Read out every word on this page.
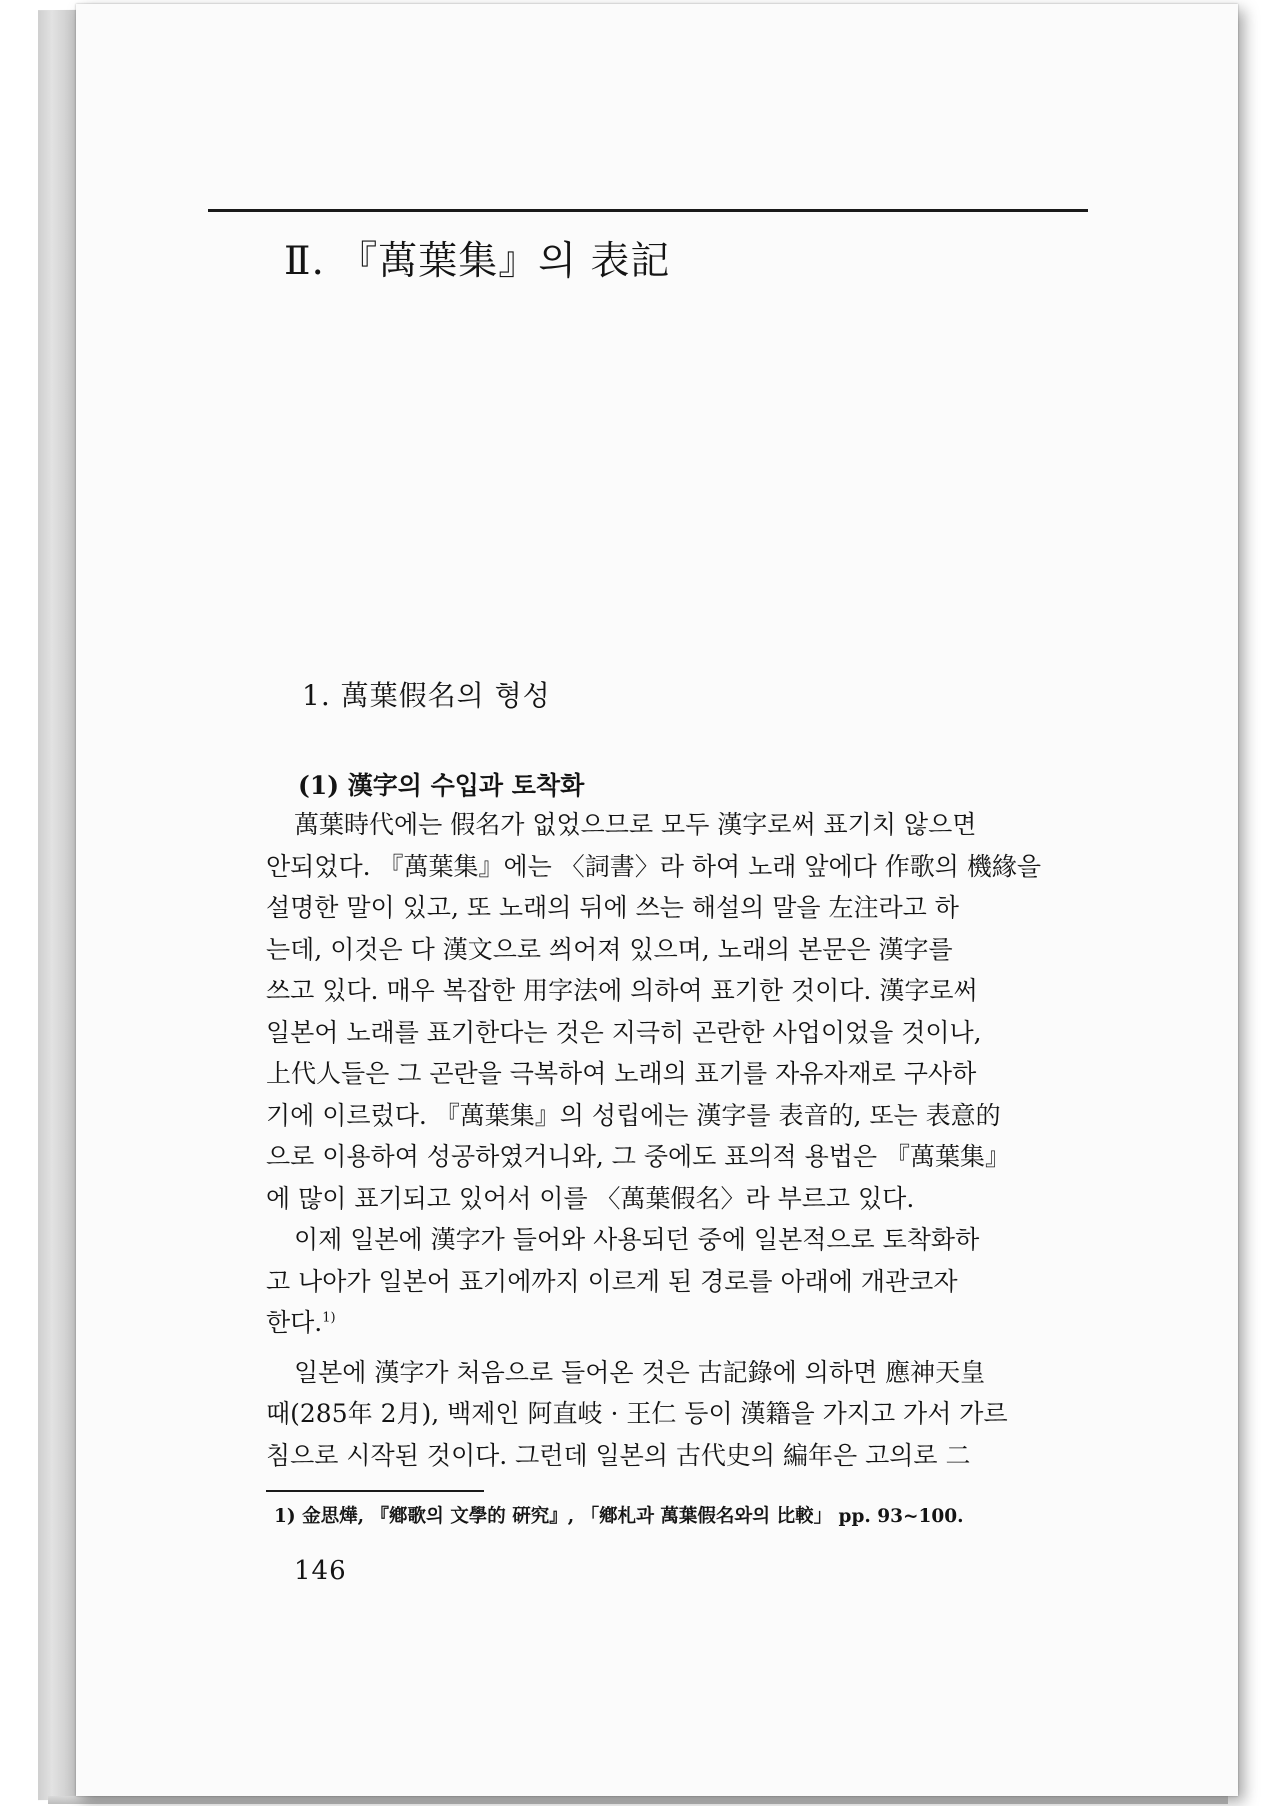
Ⅱ. 『萬葉集』의 表記
1. 萬葉假名의 형성
(1) 漢字의 수입과 토착화
萬葉時代에는 假名가 없었으므로 모두 漢字로써 표기치 않으면
안되었다. 『萬葉集』에는 〈詞書〉라 하여 노래 앞에다 作歌의 機緣을
설명한 말이 있고, 또 노래의 뒤에 쓰는 해설의 말을 左注라고 하
는데, 이것은 다 漢文으로 씌어져 있으며, 노래의 본문은 漢字를
쓰고 있다. 매우 복잡한 用字法에 의하여 표기한 것이다. 漢字로써
일본어 노래를 표기한다는 것은 지극히 곤란한 사업이었을 것이나,
上代人들은 그 곤란을 극복하여 노래의 표기를 자유자재로 구사하
기에 이르렀다. 『萬葉集』의 성립에는 漢字를 表音的, 또는 表意的
으로 이용하여 성공하였거니와, 그 중에도 표의적 용법은 『萬葉集』
에 많이 표기되고 있어서 이를 〈萬葉假名〉라 부르고 있다.
이제 일본에 漢字가 들어와 사용되던 중에 일본적으로 토착화하
고 나아가 일본어 표기에까지 이르게 된 경로를 아래에 개관코자
한다.$^{1)}$
일본에 漢字가 처음으로 들어온 것은 古記錄에 의하면 應神天皇
때(285年 2月), 백제인 阿直岐 · 王仁 등이 漢籍을 가지고 가서 가르
침으로 시작된 것이다. 그런데 일본의 古代史의 編年은 고의로 二

1) 金思燁, 『鄕歌의 文學的 硏究』, 「鄕札과 萬葉假名와의 比較」 pp. 93~100.

146
